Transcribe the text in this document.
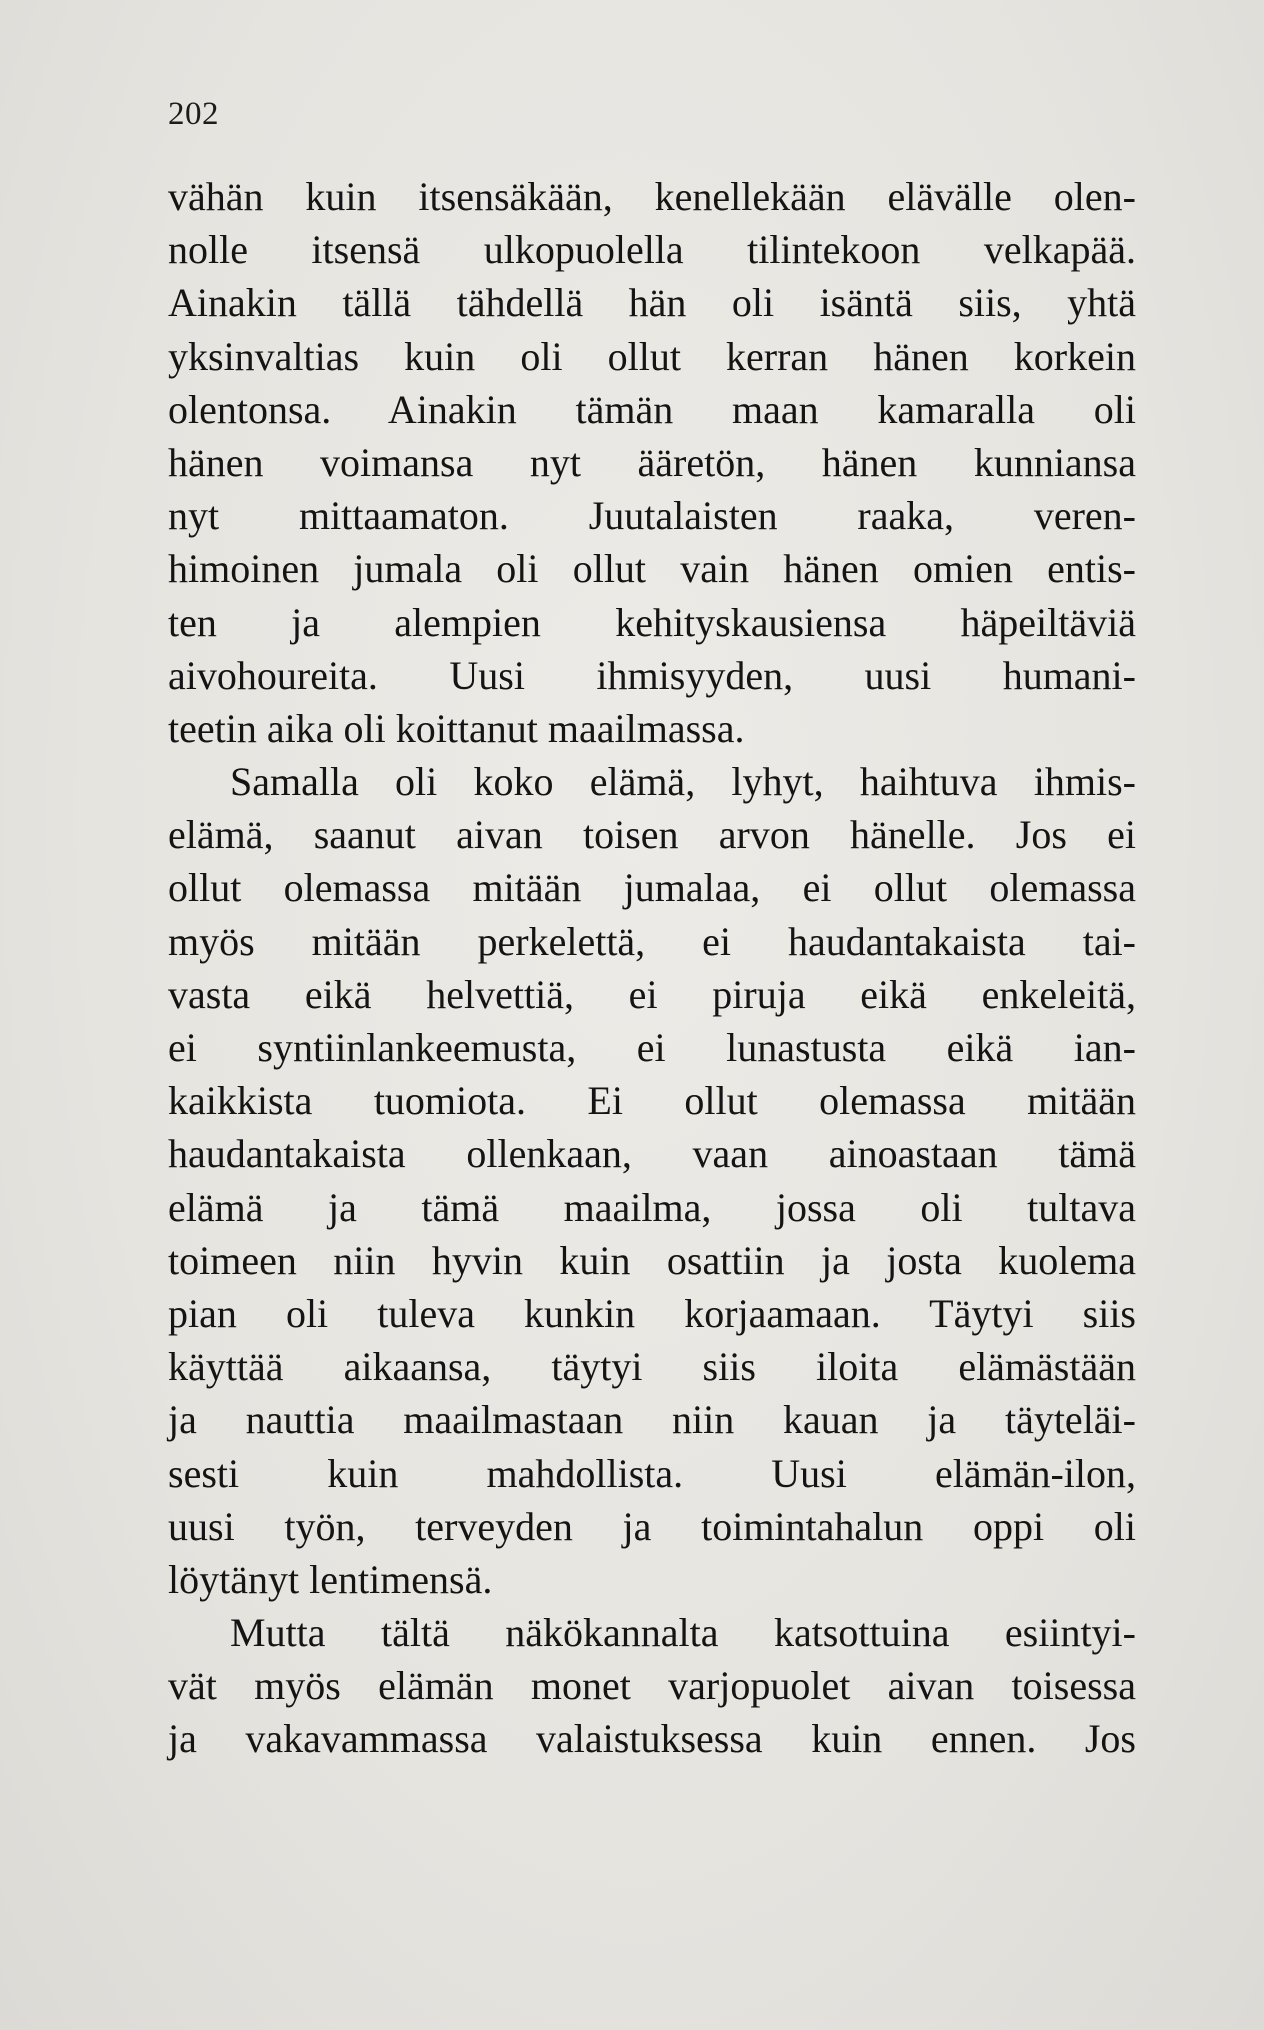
202
vähän kuin itsensäkään, kenellekään elävälle olen-
nolle itsensä ulkopuolella tilintekoon velkapää.
Ainakin tällä tähdellä hän oli isäntä siis, yhtä
yksinvaltias kuin oli ollut kerran hänen korkein
olentonsa. Ainakin tämän maan kamaralla oli
hänen voimansa nyt ääretön, hänen kunniansa
nyt mittaamaton. Juutalaisten raaka, veren-
himoinen jumala oli ollut vain hänen omien entis-
ten ja alempien kehityskausiensa häpeiltäviä
aivohoureita. Uusi ihmisyyden, uusi humani-
teetin aika oli koittanut maailmassa.
Samalla oli koko elämä, lyhyt, haihtuva ihmis-
elämä, saanut aivan toisen arvon hänelle. Jos ei
ollut olemassa mitään jumalaa, ei ollut olemassa
myös mitään perkelettä, ei haudantakaista tai-
vasta eikä helvettiä, ei piruja eikä enkeleitä,
ei syntiinlankeemusta, ei lunastusta eikä ian-
kaikkista tuomiota. Ei ollut olemassa mitään
haudantakaista ollenkaan, vaan ainoastaan tämä
elämä ja tämä maailma, jossa oli tultava
toimeen niin hyvin kuin osattiin ja josta kuolema
pian oli tuleva kunkin korjaamaan. Täytyi siis
käyttää aikaansa, täytyi siis iloita elämästään
ja nauttia maailmastaan niin kauan ja täyteläi-
sesti kuin mahdollista. Uusi elämän-ilon,
uusi työn, terveyden ja toimintahalun oppi oli
löytänyt lentimensä.
Mutta tältä näkökannalta katsottuina esiintyi-
vät myös elämän monet varjopuolet aivan toisessa
ja vakavammassa valaistuksessa kuin ennen. Jos
